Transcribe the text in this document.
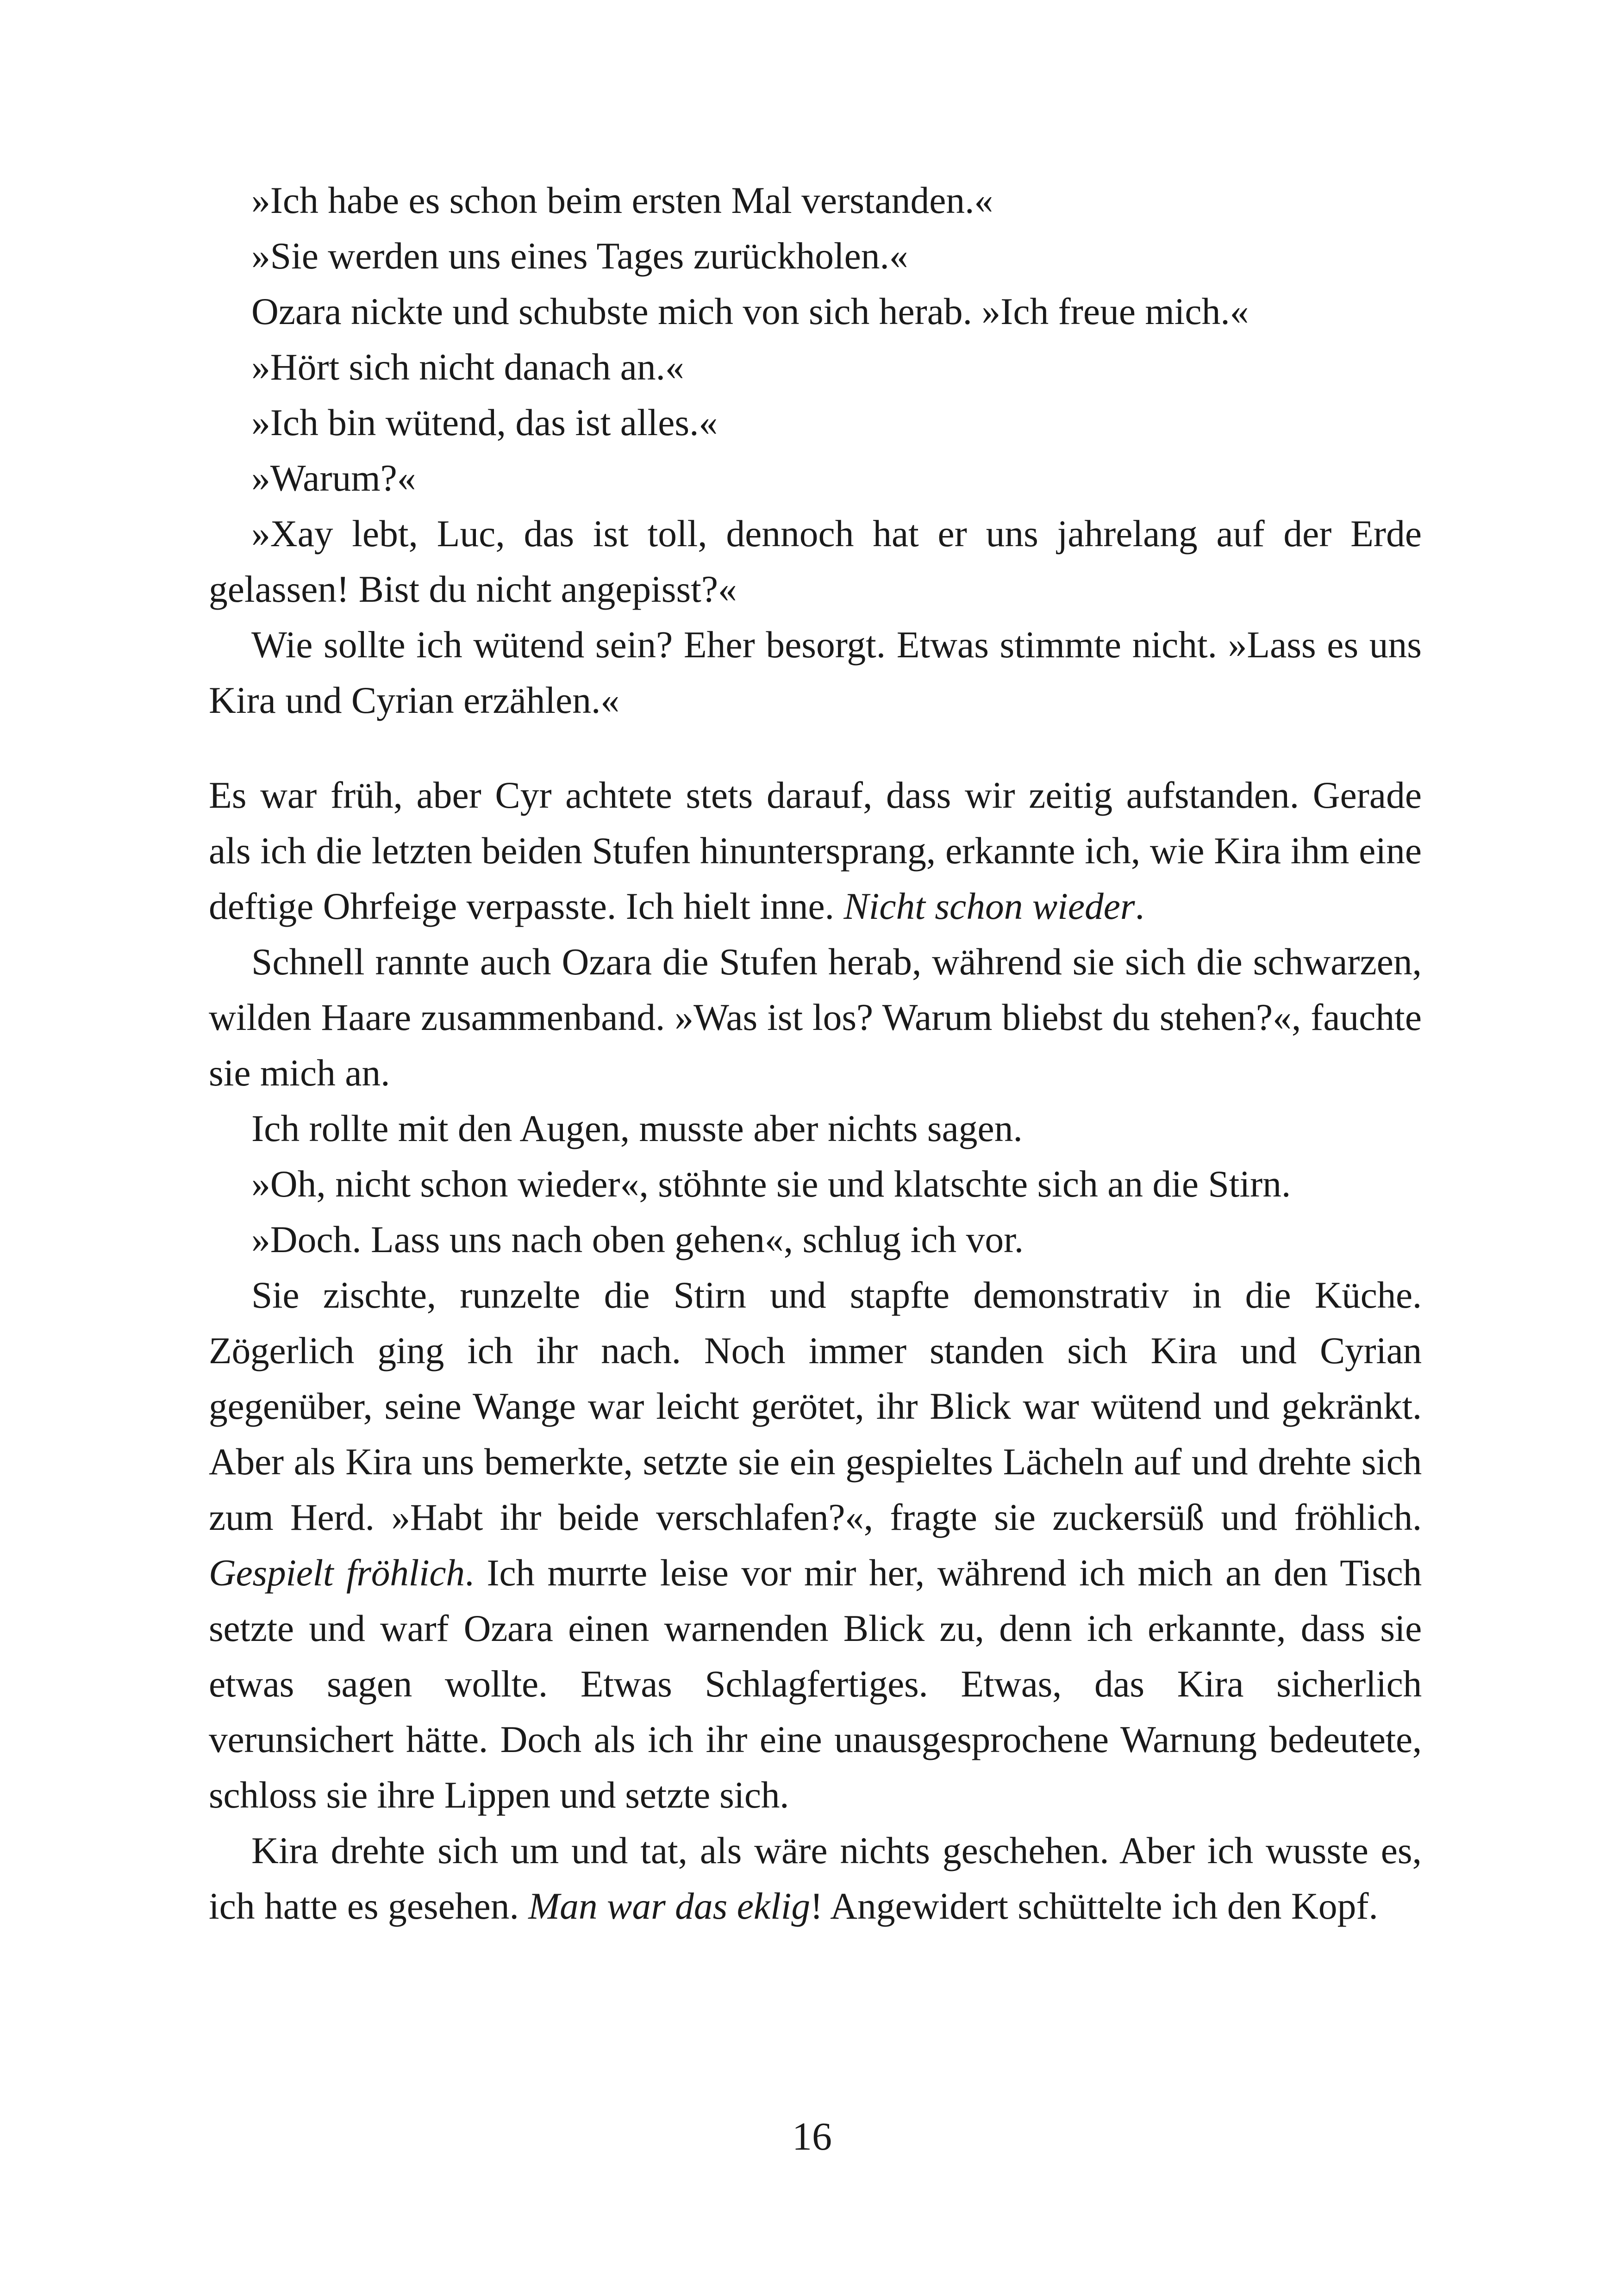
»Ich habe es schon beim ersten Mal verstanden.«

»Sie werden uns eines Tages zurückholen.«

Ozara nickte und schubste mich von sich herab. »Ich freue mich.«

»Hört sich nicht danach an.«

»Ich bin wütend, das ist alles.«

»Warum?«

»Xay lebt, Luc, das ist toll, dennoch hat er uns jahrelang auf der Erde gelassen! Bist du nicht angepisst?«

Wie sollte ich wütend sein? Eher besorgt. Etwas stimmte nicht. »Lass es uns Kira und Cyrian erzählen.«

Es war früh, aber Cyr achtete stets darauf, dass wir zeitig aufstanden. Gerade als ich die letzten beiden Stufen hinuntersprang, erkannte ich, wie Kira ihm eine deftige Ohrfeige verpasste. Ich hielt inne. Nicht schon wieder.

Schnell rannte auch Ozara die Stufen herab, während sie sich die schwarzen, wilden Haare zusammenband. »Was ist los? Warum bliebst du stehen?«, fauchte sie mich an.

Ich rollte mit den Augen, musste aber nichts sagen.

»Oh, nicht schon wieder«, stöhnte sie und klatschte sich an die Stirn.

»Doch. Lass uns nach oben gehen«, schlug ich vor.

Sie zischte, runzelte die Stirn und stapfte demonstrativ in die Küche. Zögerlich ging ich ihr nach. Noch immer standen sich Kira und Cyrian gegenüber, seine Wange war leicht gerötet, ihr Blick war wütend und gekränkt. Aber als Kira uns bemerkte, setzte sie ein gespieltes Lächeln auf und drehte sich zum Herd. »Habt ihr beide verschlafen?«, fragte sie zuckersüß und fröhlich. Gespielt fröhlich. Ich murrte leise vor mir her, während ich mich an den Tisch setzte und warf Ozara einen warnenden Blick zu, denn ich erkannte, dass sie etwas sagen wollte. Etwas Schlagfertiges. Etwas, das Kira sicherlich verunsichert hätte. Doch als ich ihr eine unausgesprochene Warnung bedeutete, schloss sie ihre Lippen und setzte sich.

Kira drehte sich um und tat, als wäre nichts geschehen. Aber ich wusste es, ich hatte es gesehen. Man war das eklig! Angewidert schüttelte ich den Kopf.

16
